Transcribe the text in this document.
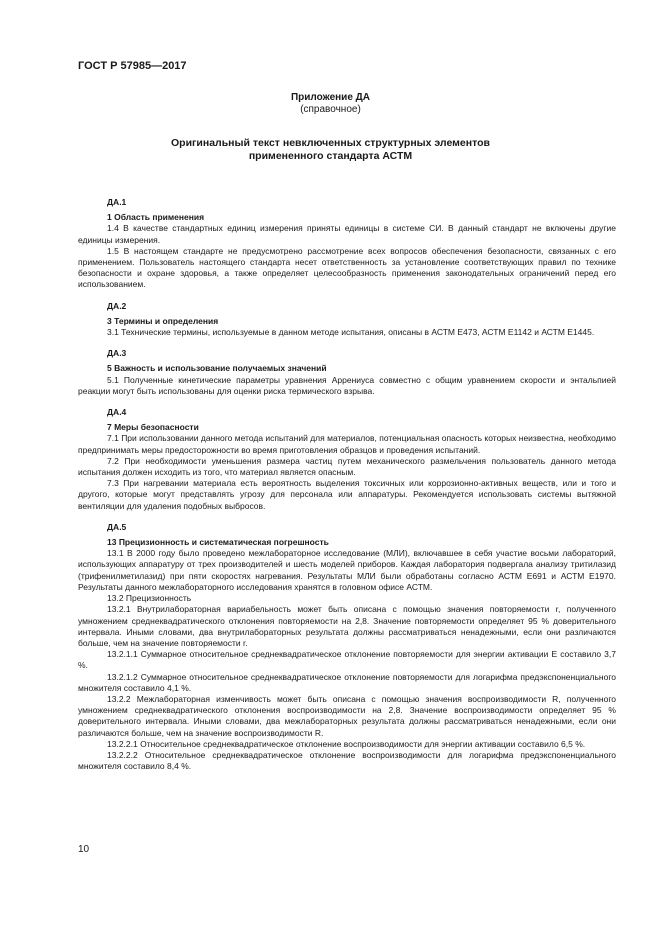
ГОСТ Р 57985—2017
Приложение ДА
(справочное)
Оригинальный текст невключенных структурных элементов
примененного стандарта АСТМ
ДА.1
1 Область применения

1.4 В качестве стандартных единиц измерения приняты единицы в системе СИ. В данный стандарт не включены другие единицы измерения.

1.5 В настоящем стандарте не предусмотрено рассмотрение всех вопросов обеспечения безопасности, связанных с его применением. Пользователь настоящего стандарта несет ответственность за установление соответствующих правил по технике безопасности и охране здоровья, а также определяет целесообразность применения законодательных ограничений перед его использованием.

ДА.2
3 Термины и определения

3.1 Технические термины, используемые в данном методе испытания, описаны в АСТМ Е473, АСТМ Е1142 и АСТМ Е1445.

ДА.3
5 Важность и использование получаемых значений

5.1 Полученные кинетические параметры уравнения Аррениуса совместно с общим уравнением скорости и энтальпией реакции могут быть использованы для оценки риска термического взрыва.

ДА.4
7 Меры безопасности

7.1 При использовании данного метода испытаний для материалов, потенциальная опасность которых неизвестна, необходимо предпринимать меры предосторожности во время приготовления образцов и проведения испытаний.

7.2 При необходимости уменьшения размера частиц путем механического размельчения пользователь данного метода испытания должен исходить из того, что материал является опасным.

7.3 При нагревании материала есть вероятность выделения токсичных или коррозионно-активных веществ, или и того и другого, которые могут представлять угрозу для персонала или аппаратуры. Рекомендуется использовать системы вытяжной вентиляции для удаления подобных выбросов.

ДА.5
13 Прецизионность и систематическая погрешность

13.1 В 2000 году было проведено межлабораторное исследование (МЛИ), включавшее в себя участие восьми лабораторий, использующих аппаратуру от трех производителей и шесть моделей приборов. Каждая лаборатория подвергала анализу тритилазид (трифенилметилазид) при пяти скоростях нагревания. Результаты МЛИ были обработаны согласно АСТМ Е691 и АСТМ Е1970. Результаты данного межлабораторного исследования хранятся в головном офисе АСТМ.

13.2 Прецизионность

13.2.1 Внутрилабораторная вариабельность может быть описана с помощью значения повторяемости r, полученного умножением среднеквадратического отклонения повторяемости на 2,8. Значение повторяемости определяет 95 % доверительного интервала. Иными словами, два внутрилабораторных результата должны рассматриваться ненадежными, если они различаются больше, чем на значение повторяемости r.

13.2.1.1 Суммарное относительное среднеквадратическое отклонение повторяемости для энергии активации E составило 3,7 %.

13.2.1.2 Суммарное относительное среднеквадратическое отклонение повторяемости для логарифма предэкспоненциального множителя составило 4,1 %.

13.2.2 Межлабораторная изменчивость может быть описана с помощью значения воспроизводимости R, полученного умножением среднеквадратического отклонения воспроизводимости на 2,8. Значение воспроизводимости определяет 95 % доверительного интервала. Иными словами, два межлабораторных результата должны рассматриваться ненадежными, если они различаются больше, чем на значение воспроизводимости R.

13.2.2.1 Относительное среднеквадратическое отклонение воспроизводимости для энергии активации составило 6,5 %.

13.2.2.2 Относительное среднеквадратическое отклонение воспроизводимости для логарифма предэкспоненциального множителя составило 8,4 %.

10
